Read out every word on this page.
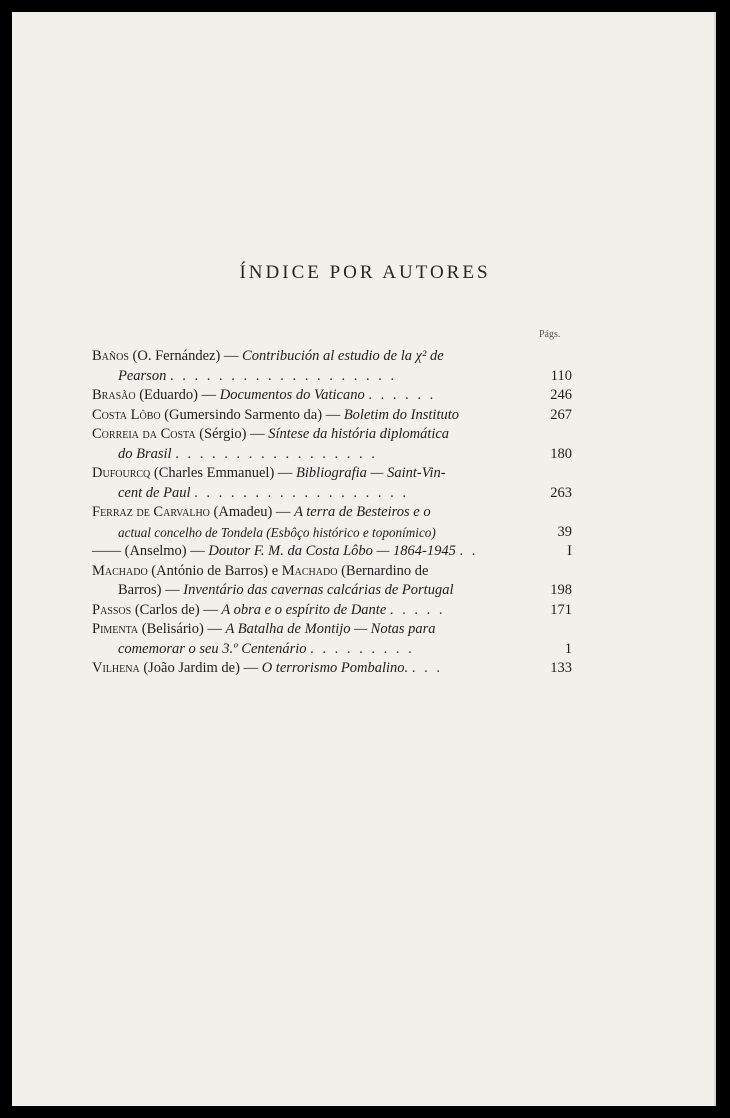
ÍNDICE POR AUTORES
Págs.
Baños (O. Fernández) — Contribución al estudio de la χ² de
Pearson . . . . . . . . . . . . . . . . . . .	110
Brasão (Eduardo) — Documentos do Vaticano . . . . . .	246
Costa Lôbo (Gumersindo Sarmento da) — Boletim do Instituto	267
Correia da Costa (Sérgio) — Síntese da história diplomática
do Brasil . . . . . . . . . . . . . . . . .	180
Dufourcq (Charles Emmanuel) — Bibliografia — Saint-Vin-
cent de Paul . . . . . . . . . . . . . . . . . .	263
Ferraz de Carvalho (Amadeu) — A terra de Besteiros e o
actual concelho de Tondela (Esbôço histórico e toponímico)	39
—— (Anselmo) — Doutor F. M. da Costa Lôbo — 1864-1945 . .	I
Machado (António de Barros) e Machado (Bernardino de
Barros) — Inventário das cavernas calcárias de Portugal	198
Passos (Carlos de) — A obra e o espírito de Dante . . . . .	171
Pimenta (Belisário) — A Batalha de Montijo — Notas para
comemorar o seu 3.º Centenário . . . . . . . . .	1
Vilhena (João Jardim de) — O terrorismo Pombalino. . . .	133
